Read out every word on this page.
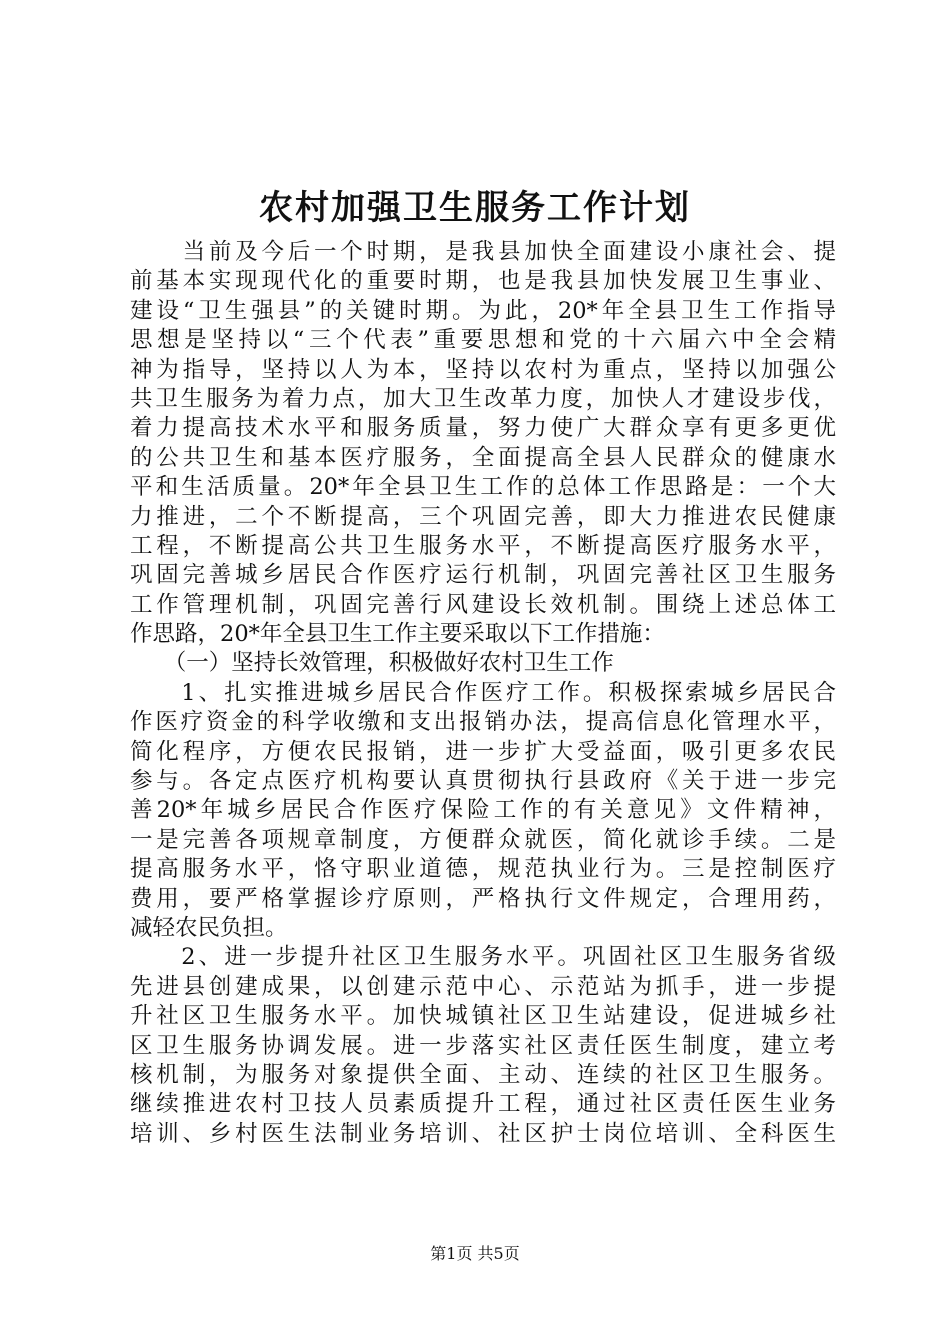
农村加强卫生服务工作计划
　　当前及今后一个时期，是我县加快全面建设小康社会、提
前基本实现现代化的重要时期，也是我县加快发展卫生事业、
建设“卫生强县”的关键时期。为此，20*年全县卫生工作指导
思想是坚持以“三个代表”重要思想和党的十六届六中全会精
神为指导，坚持以人为本，坚持以农村为重点，坚持以加强公
共卫生服务为着力点，加大卫生改革力度，加快人才建设步伐，
着力提高技术水平和服务质量，努力使广大群众享有更多更优
的公共卫生和基本医疗服务，全面提高全县人民群众的健康水
平和生活质量。20*年全县卫生工作的总体工作思路是：一个大
力推进，二个不断提高，三个巩固完善，即大力推进农民健康
工程，不断提高公共卫生服务水平，不断提高医疗服务水平，
巩固完善城乡居民合作医疗运行机制，巩固完善社区卫生服务
工作管理机制，巩固完善行风建设长效机制。围绕上述总体工
作思路，20*年全县卫生工作主要采取以下工作措施：
　　（一）坚持长效管理，积极做好农村卫生工作
　　1、扎实推进城乡居民合作医疗工作。积极探索城乡居民合
作医疗资金的科学收缴和支出报销办法，提高信息化管理水平，
简化程序，方便农民报销，进一步扩大受益面，吸引更多农民
参与。各定点医疗机构要认真贯彻执行县政府《关于进一步完
善20*年城乡居民合作医疗保险工作的有关意见》文件精神，
一是完善各项规章制度，方便群众就医，简化就诊手续。二是
提高服务水平，恪守职业道德，规范执业行为。三是控制医疗
费用，要严格掌握诊疗原则，严格执行文件规定，合理用药，
减轻农民负担。
　　2、进一步提升社区卫生服务水平。巩固社区卫生服务省级
先进县创建成果，以创建示范中心、示范站为抓手，进一步提
升社区卫生服务水平。加快城镇社区卫生站建设，促进城乡社
区卫生服务协调发展。进一步落实社区责任医生制度，建立考
核机制，为服务对象提供全面、主动、连续的社区卫生服务。
继续推进农村卫技人员素质提升工程，通过社区责任医生业务
培训、乡村医生法制业务培训、社区护士岗位培训、全科医生
第1页 共5页
